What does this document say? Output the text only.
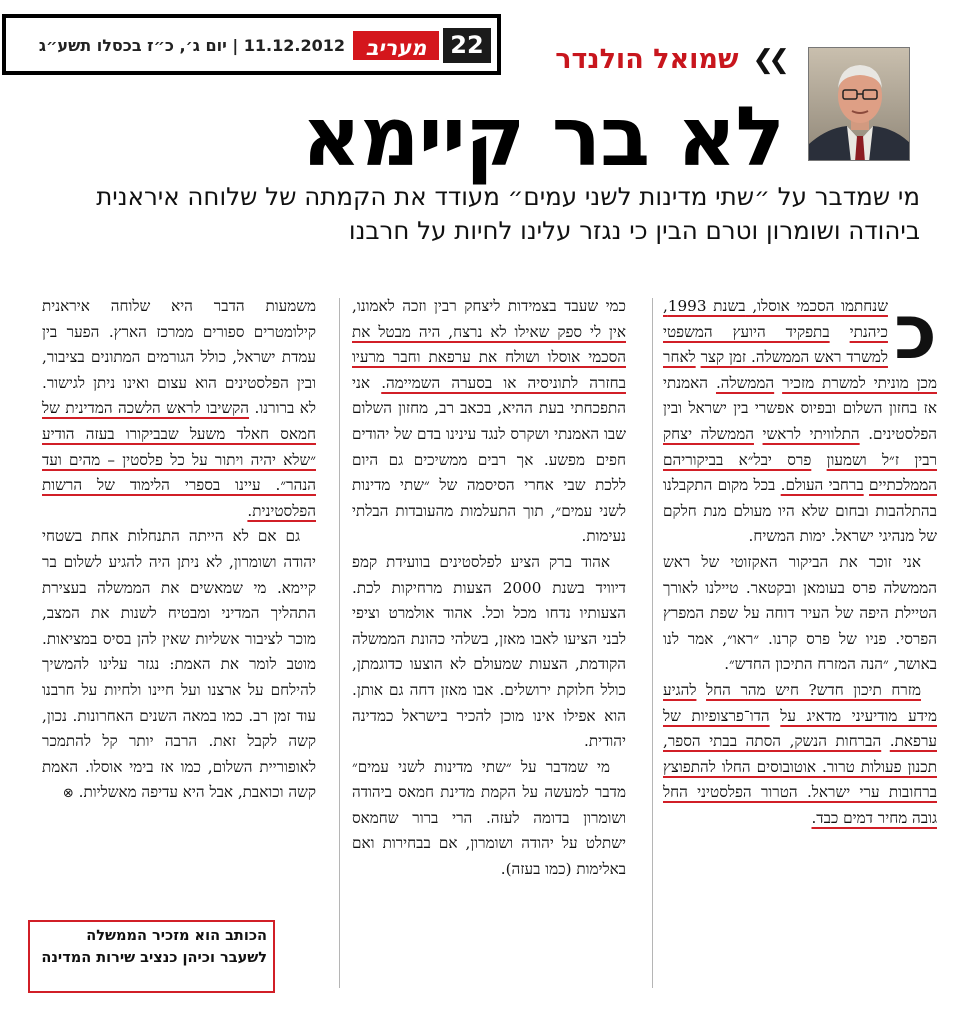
22
מעריב
11.12.2012 | יום ג׳, כ״ז בכסלו תשע״ג	❯❯שמואל הולנדר
לא בר קיימא
מי שמדבר על ״שתי מדינות לשני עמים״ מעודד את הקמתה של שלוחה איראנית ביהודה ושומרון וטרם הבין כי נגזר עלינו לחיות על חרבנו

כ
שנחתמו הסכמי אוסלו, בשנת 1993, כיהנתי בתפקיד היועץ המשפטי למשרד ראש הממשלה. זמן קצר לאחר מכן מוניתי למשרת מזכיר הממשלה. האמנתי אז בחזון השלום ובפיוס אפשרי בין ישראל ובין הפלסטינים. התלוויתי לראשי הממשלה יצחק רבין ז״ל ושמעון פרס יבל״א בביקוריהם הממלכתיים ברחבי העולם. בכל מקום התקבלנו בהתלהבות ובחום שלא היו מעולם מנת חלקם של מנהיגי ישראל. ימות המשיח.

אני זוכר את הביקור האקזוטי של ראש הממשלה פרס בעומאן ובקטאר. טיילנו לאורך הטיילת היפה של העיר דוחה על שפת המפרץ הפרסי. פניו של פרס קרנו. ״ראו״, אמר לנו באושר, ״הנה המזרח התיכון החדש״.

מזרח תיכון חדש? חיש מהר החל להגיע מידע מודיעיני מדאיג על הדו־פרצופיות של ערפאת. הברחות הנשק, הסתה בבתי הספר, תכנון פעולות טרור. אוטובוסים החלו להתפוצץ ברחובות ערי ישראל. הטרור הפלסטיני החל גובה מחיר דמים כבד.

כמי שעבד בצמידות ליצחק רבין וזכה לאמונו, אין לי ספק שאילו לא נרצח, היה מבטל את הסכמי אוסלו ושולח את ערפאת וחבר מרעיו בחזרה לתוניסיה או בסערה השמיימה. אני התפכחתי בעת ההיא, בכאב רב, מחזון השלום שבו האמנתי ושקרס לנגד עינינו בדם של יהודים חפים מפשע. אך רבים ממשיכים גם היום ללכת שבי אחרי הסיסמה של ״שתי מדינות לשני עמים״, תוך התעלמות מהעובדות הבלתי נעימות.

אהוד ברק הציע לפלסטינים בוועידת קמפ דיוויד בשנת 2000 הצעות מרחיקות לכת. הצעותיו נדחו מכל וכל. אהוד אולמרט וציפי לבני הציעו לאבו מאזן, בשלהי כהונת הממשלה הקודמת, הצעות שמעולם לא הוצעו כדוגמתן, כולל חלוקת ירושלים. אבו מאזן דחה גם אותן. הוא אפילו אינו מוכן להכיר בישראל כמדינה יהודית.

מי שמדבר על ״שתי מדינות לשני עמים״ מדבר למעשה על הקמת מדינת חמאס ביהודה ושומרון בדומה לעזה. הרי ברור שחמאס ישתלט על יהודה ושומרון, אם בבחירות ואם באלימות (כמו בעזה).

משמעות הדבר היא שלוחה איראנית קילומטרים ספורים ממרכז הארץ. הפער בין עמדת ישראל, כולל הגורמים המתונים בציבור, ובין הפלסטינים הוא עצום ואינו ניתן לגישור. לא ברורנו. הקשיבו לראש הלשכה המדינית של חמאס חאלד משעל שבביקורו בעזה הודיע ״שלא יהיה ויתור על כל פלסטין – מהים ועד הנהר״. עיינו בספרי הלימוד של הרשות הפלסטינית.

גם אם לא הייתה התנחלות אחת בשטחי יהודה ושומרון, לא ניתן היה להגיע לשלום בר קיימא. מי שמאשים את הממשלה בעצירת התהליך המדיני ומבטיח לשנות את המצב, מוכר לציבור אשליות שאין להן בסיס במציאות. מוטב לומר את האמת: נגזר עלינו להמשיך להילחם על ארצנו ועל חיינו ולחיות על חרבנו עוד זמן רב. כמו במאה השנים האחרונות. נכון, קשה לקבל זאת. הרבה יותר קל להתמכר לאופוריית השלום, כמו אז בימי אוסלו. האמת קשה וכואבת, אבל היא עדיפה מאשליות. ⊗

הכותב הוא מזכיר הממשלה לשעבר וכיהן כנציב שירות המדינה
